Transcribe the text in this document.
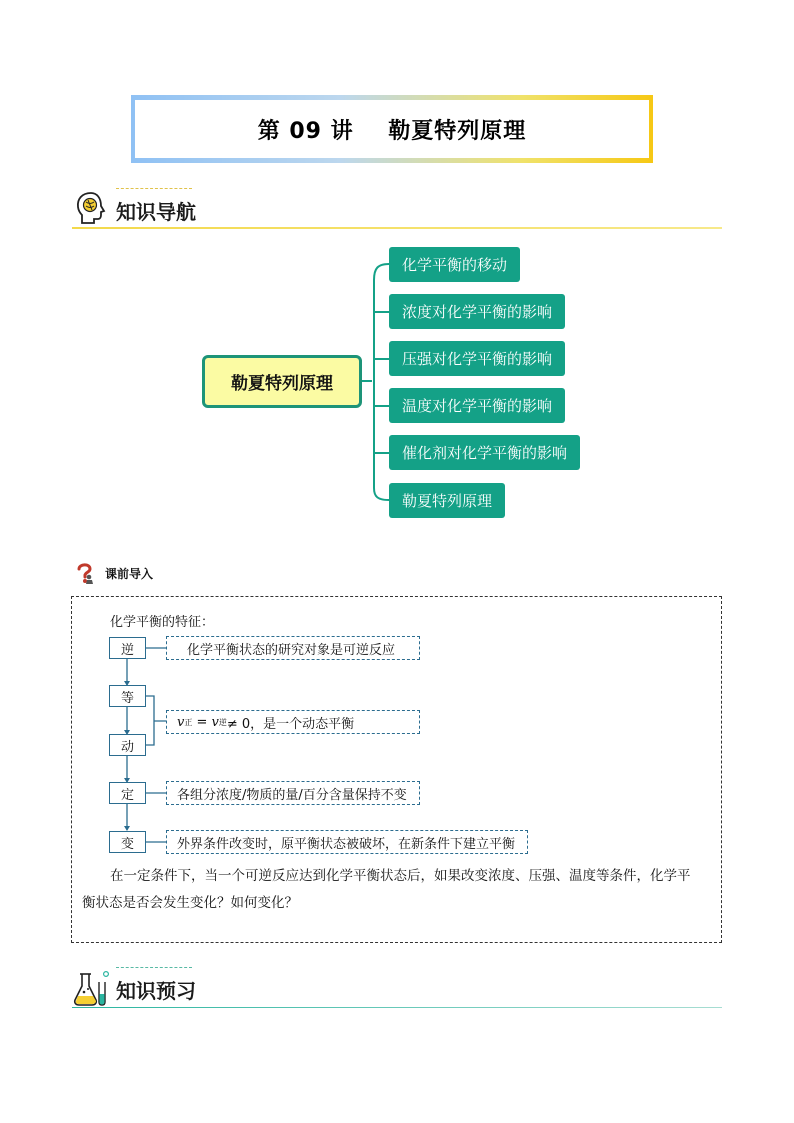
第 09 讲    勒夏特列原理
知识导航
勒夏特列原理
化学平衡的移动
浓度对化学平衡的影响
压强对化学平衡的影响
温度对化学平衡的影响
催化剂对化学平衡的影响
勒夏特列原理
课前导入
化学平衡的特征：
逆
等
动
定
变
化学平衡状态的研究对象是可逆反应
v 正 = v 逆 ≠ 0，是一个动态平衡
各组分浓度/物质的量/百分含量保持不变
外界条件改变时，原平衡状态被破坏，在新条件下建立平衡
在一定条件下，当一个可逆反应达到化学平衡状态后，如果改变浓度、压强、温度等条件，化学平
衡状态是否会发生变化？如何变化？
知识预习
